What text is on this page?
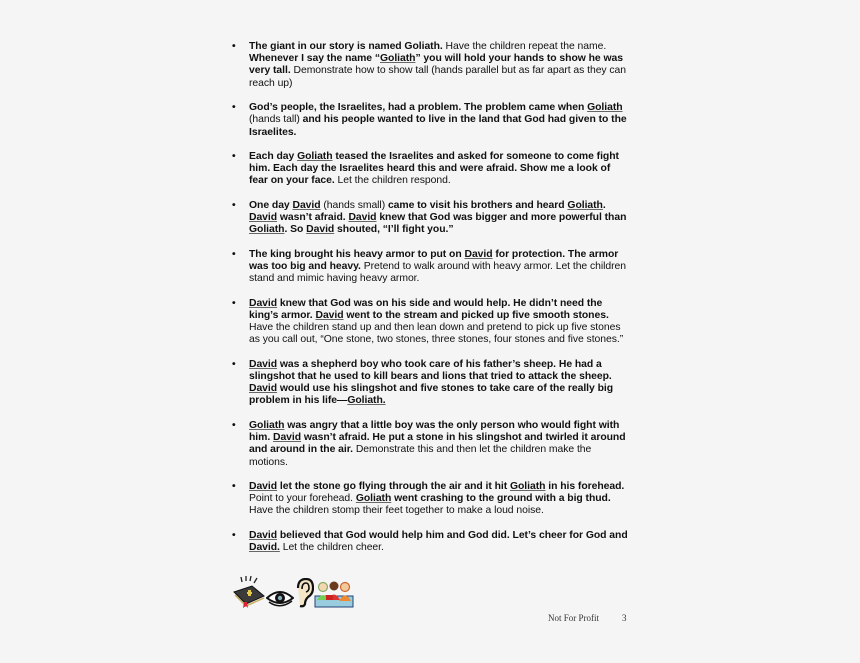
• The giant in our story is named Goliath. Have the children repeat the name. Whenever I say the name “Goliath” you will hold your hands to show he was very tall. Demonstrate how to show tall (hands parallel but as far apart as they can reach up)
• God’s people, the Israelites, had a problem. The problem came when Goliath (hands tall) and his people wanted to live in the land that God had given to the Israelites.
• Each day Goliath teased the Israelites and asked for someone to come fight him. Each day the Israelites heard this and were afraid. Show me a look of fear on your face. Let the children respond.
• One day David (hands small) came to visit his brothers and heard Goliath. David wasn’t afraid. David knew that God was bigger and more powerful than Goliath. So David shouted, “I’ll fight you.”
• The king brought his heavy armor to put on David for protection. The armor was too big and heavy. Pretend to walk around with heavy armor. Let the children stand and mimic having heavy armor.
• David knew that God was on his side and would help. He didn’t need the king’s armor. David went to the stream and picked up five smooth stones. Have the children stand up and then lean down and pretend to pick up five stones as you call out, “One stone, two stones, three stones, four stones and five stones.”
• David was a shepherd boy who took care of his father’s sheep. He had a slingshot that he used to kill bears and lions that tried to attack the sheep. David would use his slingshot and five stones to take care of the really big problem in his life—Goliath.
• Goliath was angry that a little boy was the only person who would fight with him. David wasn’t afraid. He put a stone in his slingshot and twirled it around and around in the air. Demonstrate this and then let the children make the motions.
• David let the stone go flying through the air and it hit Goliath in his forehead. Point to your forehead. Goliath went crashing to the ground with a big thud. Have the children stomp their feet together to make a loud noise.
• David believed that God would help him and God did. Let’s cheer for God and David. Let the children cheer.
Not For Profit	3
